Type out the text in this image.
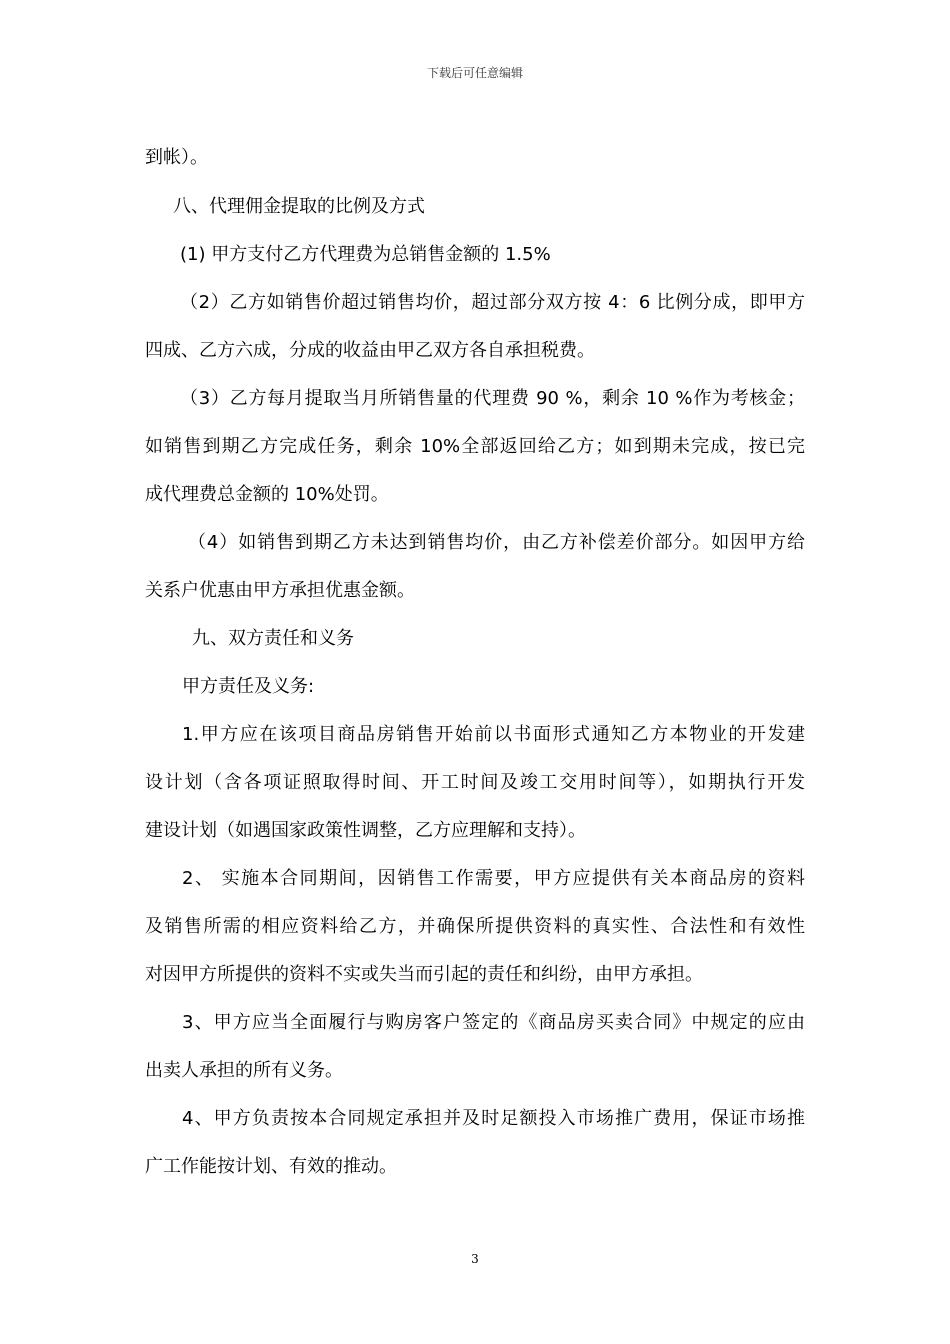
下载后可任意编辑
到帐）。
八、代理佣金提取的比例及方式
(1) 甲方支付乙方代理费为总销售金额的 1.5%
（2）乙方如销售价超过销售均价，超过部分双方按 4：6 比例分成，即甲方
四成、乙方六成，分成的收益由甲乙双方各自承担税费。
（3）乙方每月提取当月所销售量的代理费 90 %，剩余 10 %作为考核金；
如销售到期乙方完成任务，剩余 10%全部返回给乙方；如到期未完成，按已完
成代理费总金额的 10%处罚。
（4）如销售到期乙方未达到销售均价，由乙方补偿差价部分。如因甲方给
关系户优惠由甲方承担优惠金额。
九、双方责任和义务
甲方责任及义务:
1.甲方应在该项目商品房销售开始前以书面形式通知乙方本物业的开发建
设计划（含各项证照取得时间、开工时间及竣工交用时间等），如期执行开发
建设计划（如遇国家政策性调整，乙方应理解和支持）。
2、 实施本合同期间，因销售工作需要，甲方应提供有关本商品房的资料
及销售所需的相应资料给乙方，并确保所提供资料的真实性、合法性和有效性
对因甲方所提供的资料不实或失当而引起的责任和纠纷，由甲方承担。
3、甲方应当全面履行与购房客户签定的《商品房买卖合同》中规定的应由
出卖人承担的所有义务。
4、甲方负责按本合同规定承担并及时足额投入市场推广费用，保证市场推
广工作能按计划、有效的推动。
3
